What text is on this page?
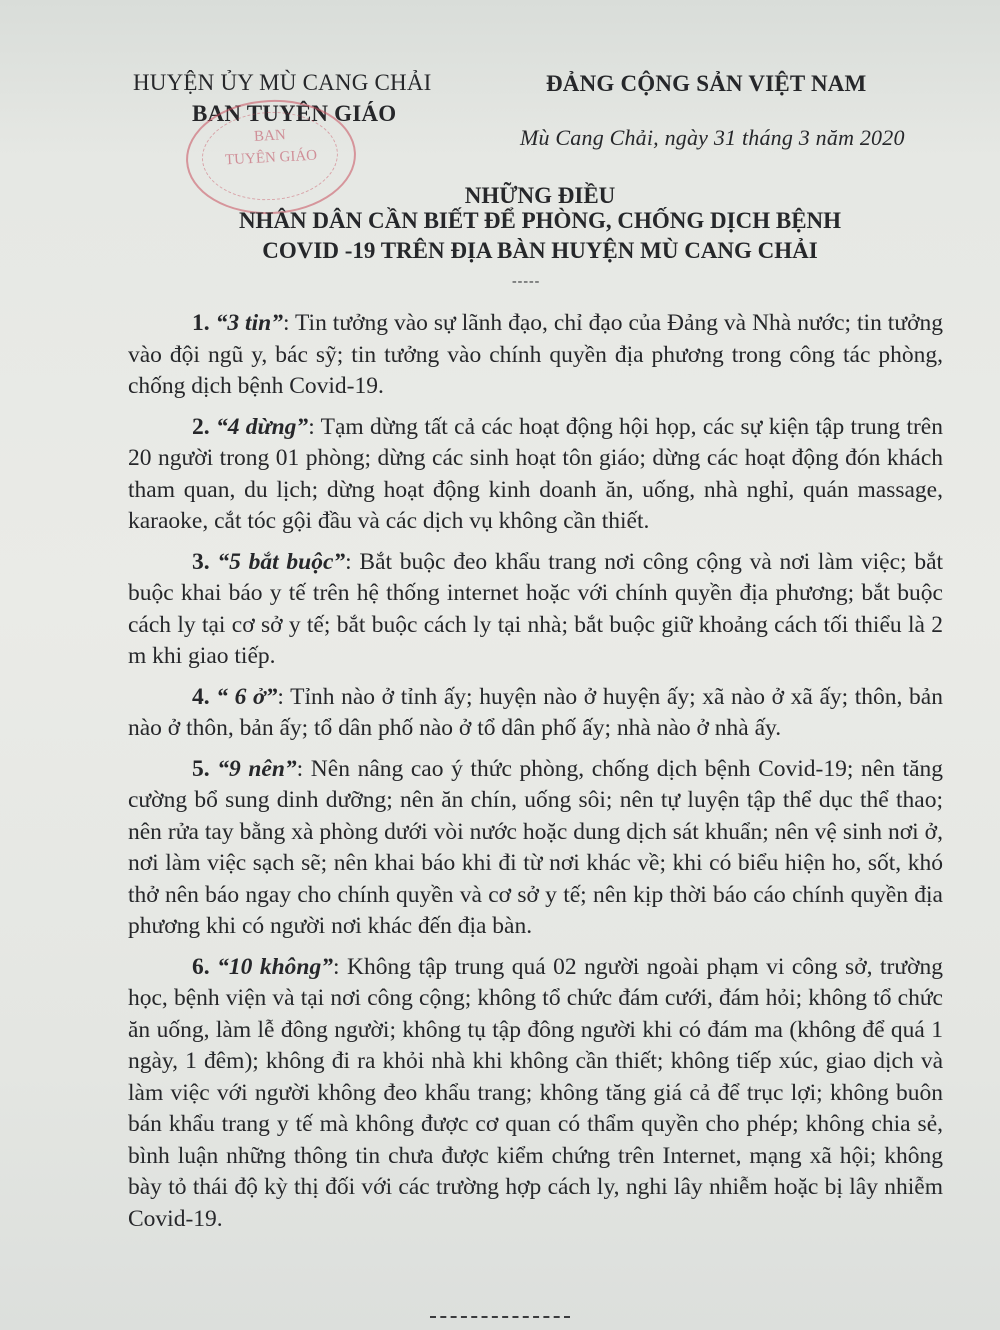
HUYỆN ỦY MÙ CANG CHẢI
BAN TUYÊN GIÁO
ĐẢNG CỘNG SẢN VIỆT NAM
Mù Cang Chải, ngày 31 tháng 3 năm 2020
BAN
TUYÊN GIÁO
NHỮNG ĐIỀU
NHÂN DÂN CẦN BIẾT ĐỂ PHÒNG, CHỐNG DỊCH BỆNH
COVID -19 TRÊN ĐỊA BÀN HUYỆN MÙ CANG CHẢI
-----

1. “3 tin”: Tin tưởng vào sự lãnh đạo, chỉ đạo của Đảng và Nhà nước; tin tưởng vào đội ngũ y, bác sỹ; tin tưởng vào chính quyền địa phương trong công tác phòng, chống dịch bệnh Covid-19.

2. “4 dừng”: Tạm dừng tất cả các hoạt động hội họp, các sự kiện tập trung trên 20 người trong 01 phòng; dừng các sinh hoạt tôn giáo; dừng các hoạt động đón khách tham quan, du lịch; dừng hoạt động kinh doanh ăn, uống, nhà nghỉ, quán massage, karaoke, cắt tóc gội đầu và các dịch vụ không cần thiết.

3. “5 bắt buộc”: Bắt buộc đeo khẩu trang nơi công cộng và nơi làm việc; bắt buộc khai báo y tế trên hệ thống internet hoặc với chính quyền địa phương; bắt buộc cách ly tại cơ sở y tế; bắt buộc cách ly tại nhà; bắt buộc giữ khoảng cách tối thiểu là 2 m khi giao tiếp.

4. “ 6 ở”: Tỉnh nào ở tỉnh ấy; huyện nào ở huyện ấy; xã nào ở xã ấy; thôn, bản nào ở thôn, bản ấy; tổ dân phố nào ở tổ dân phố ấy; nhà nào ở nhà ấy.

5. “9 nên”: Nên nâng cao ý thức phòng, chống dịch bệnh Covid-19; nên tăng cường bổ sung dinh dưỡng; nên ăn chín, uống sôi; nên tự luyện tập thể dục thể thao; nên rửa tay bằng xà phòng dưới vòi nước hoặc dung dịch sát khuẩn; nên vệ sinh nơi ở, nơi làm việc sạch sẽ; nên khai báo khi đi từ nơi khác về; khi có biểu hiện ho, sốt, khó thở nên báo ngay cho chính quyền và cơ sở y tế; nên kịp thời báo cáo chính quyền địa phương khi có người nơi khác đến địa bàn.

6. “10 không”: Không tập trung quá 02 người ngoài phạm vi công sở, trường học, bệnh viện và tại nơi công cộng; không tổ chức đám cưới, đám hỏi; không tổ chức ăn uống, làm lễ đông người; không tụ tập đông người khi có đám ma (không để quá 1 ngày, 1 đêm); không đi ra khỏi nhà khi không cần thiết; không tiếp xúc, giao dịch và làm việc với người không đeo khẩu trang; không tăng giá cả để trục lợi; không buôn bán khẩu trang y tế mà không được cơ quan có thẩm quyền cho phép; không chia sẻ, bình luận những thông tin chưa được kiểm chứng trên Internet, mạng xã hội; không bày tỏ thái độ kỳ thị đối với các trường hợp cách ly, nghi lây nhiễm hoặc bị lây nhiễm Covid-19.
